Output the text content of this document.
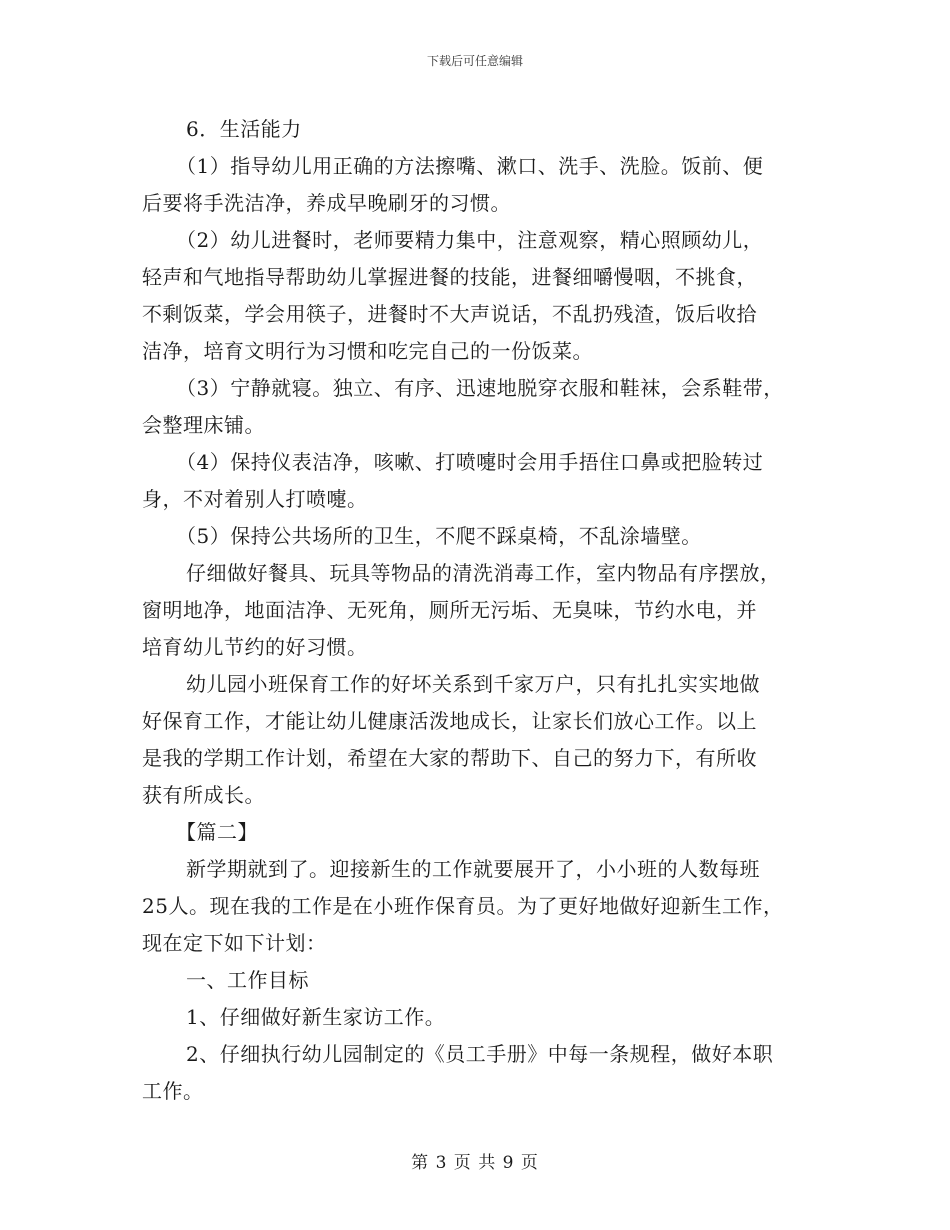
下载后可任意编辑

6．生活能力

（1）指导幼儿用正确的方法擦嘴、漱口、洗手、洗脸。饭前、便
后要将手洗洁净，养成早晚刷牙的习惯。

（2）幼儿进餐时，老师要精力集中，注意观察，精心照顾幼儿，
轻声和气地指导帮助幼儿掌握进餐的技能，进餐细嚼慢咽，不挑食，
不剩饭菜，学会用筷子，进餐时不大声说话，不乱扔残渣，饭后收拾
洁净，培育文明行为习惯和吃完自己的一份饭菜。

（3）宁静就寝。独立、有序、迅速地脱穿衣服和鞋袜，会系鞋带，
会整理床铺。

（4）保持仪表洁净，咳嗽、打喷嚏时会用手捂住口鼻或把脸转过
身，不对着别人打喷嚏。

（5）保持公共场所的卫生，不爬不踩桌椅，不乱涂墙壁。

仔细做好餐具、玩具等物品的清洗消毒工作，室内物品有序摆放，
窗明地净，地面洁净、无死角，厕所无污垢、无臭味，节约水电，并
培育幼儿节约的好习惯。

幼儿园小班保育工作的好坏关系到千家万户，只有扎扎实实地做
好保育工作，才能让幼儿健康活泼地成长，让家长们放心工作。以上
是我的学期工作计划，希望在大家的帮助下、自己的努力下，有所收
获有所成长。

【篇二】

新学期就到了。迎接新生的工作就要展开了，小小班的人数每班
25人。现在我的工作是在小班作保育员。为了更好地做好迎新生工作，
现在定下如下计划：

一、工作目标

1、仔细做好新生家访工作。

2、仔细执行幼儿园制定的《员工手册》中每一条规程，做好本职
工作。

第 3 页 共 9 页
